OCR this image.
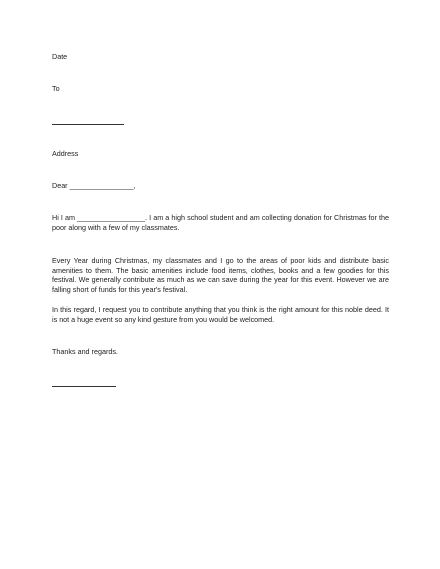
Date
To
Address
Dear ________________,
Hi I am _________________. I am a high school student and am collecting donation for Christmas for the poor along with a few of my classmates.
Every Year during Christmas, my classmates and I go to the areas of poor kids and distribute basic amenities to them. The basic amenities include food items, clothes, books and a few goodies for this festival. We generally contribute as much as we can save during the year for this event. However we are falling short of funds for this year's festival.
In this regard, I request you to contribute anything that you think is the right amount for this noble deed. It is not a huge event so any kind gesture from you would be welcomed.
Thanks and regards.
